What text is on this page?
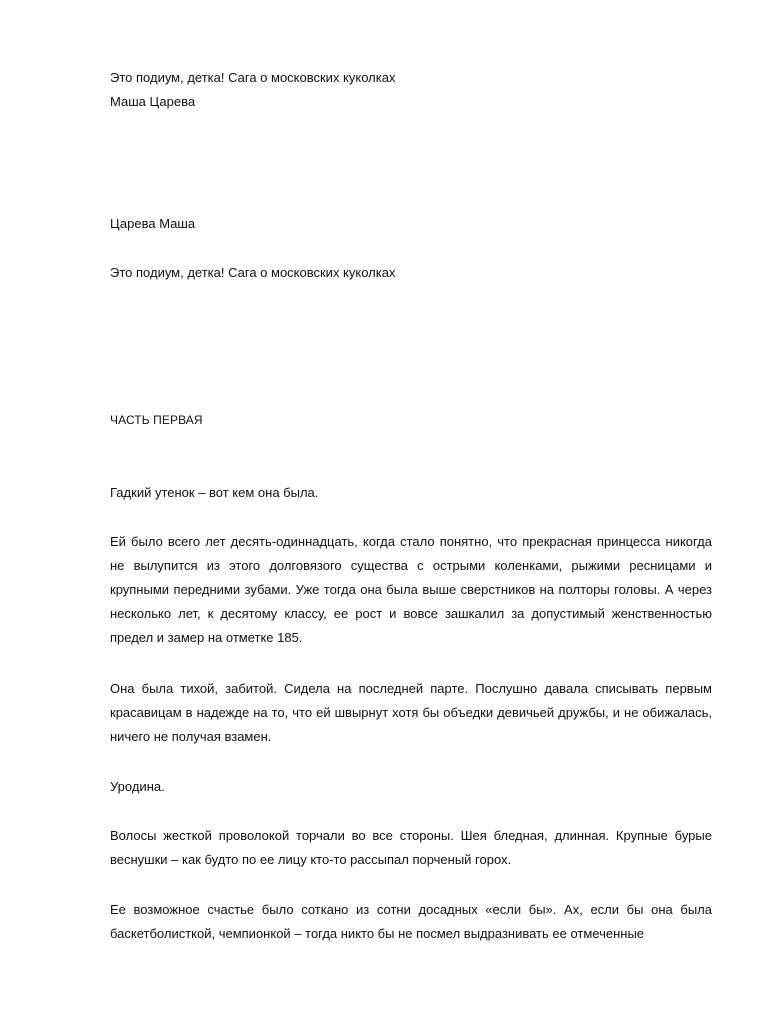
Это подиум, детка! Сага о московских куколках
Маша Царева
Царева Маша
Это подиум, детка! Сага о московских куколках
ЧАСТЬ ПЕРВАЯ
Гадкий утенок – вот кем она была.

Ей было всего лет десять-одиннадцать, когда стало понятно, что прекрасная принцесса никогда не вылупится из этого долговязого существа с острыми коленками, рыжими ресницами и крупными передними зубами. Уже тогда она была выше сверстников на полторы головы. А через несколько лет, к десятому классу, ее рост и вовсе зашкалил за допустимый женственностью предел и замер на отметке 185.

Она была тихой, забитой. Сидела на последней парте. Послушно давала списывать первым красавицам в надежде на то, что ей швырнут хотя бы объедки девичьей дружбы, и не обижалась, ничего не получая взамен.

Уродина.

Волосы жесткой проволокой торчали во все стороны. Шея бледная, длинная. Крупные бурые веснушки – как будто по ее лицу кто-то рассыпал порченый горох.

Ее возможное счастье было соткано из сотни досадных «если бы». Ах, если бы она была баскетболисткой, чемпионкой – тогда никто бы не посмел выдразнивать ее отмеченные
